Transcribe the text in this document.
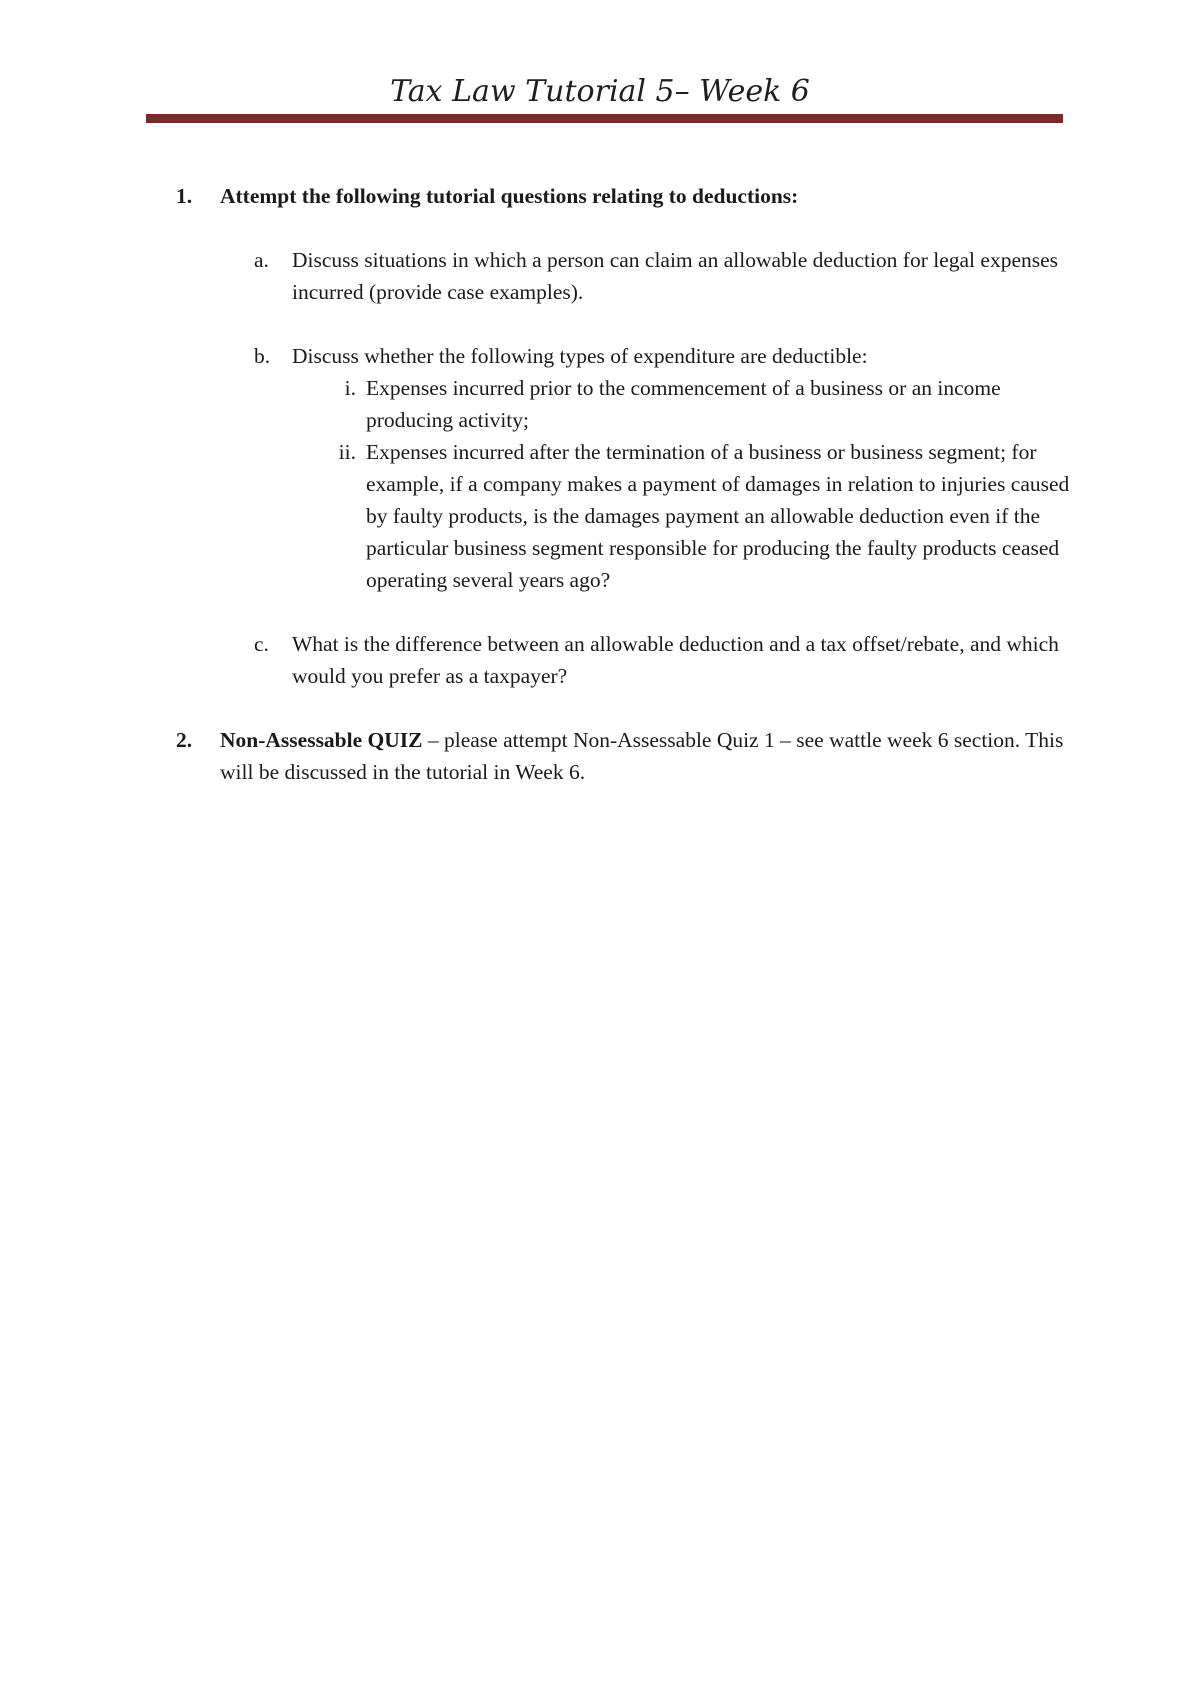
Tax Law Tutorial 5– Week 6
1. Attempt the following tutorial questions relating to deductions:
a. Discuss situations in which a person can claim an allowable deduction for legal expenses incurred (provide case examples).
b. Discuss whether the following types of expenditure are deductible:
i. Expenses incurred prior to the commencement of a business or an income producing activity;
ii. Expenses incurred after the termination of a business or business segment; for example, if a company makes a payment of damages in relation to injuries caused by faulty products, is the damages payment an allowable deduction even if the particular business segment responsible for producing the faulty products ceased operating several years ago?
c. What is the difference between an allowable deduction and a tax offset/rebate, and which would you prefer as a taxpayer?
2. Non-Assessable QUIZ – please attempt Non-Assessable Quiz 1 – see wattle week 6 section. This will be discussed in the tutorial in Week 6.
